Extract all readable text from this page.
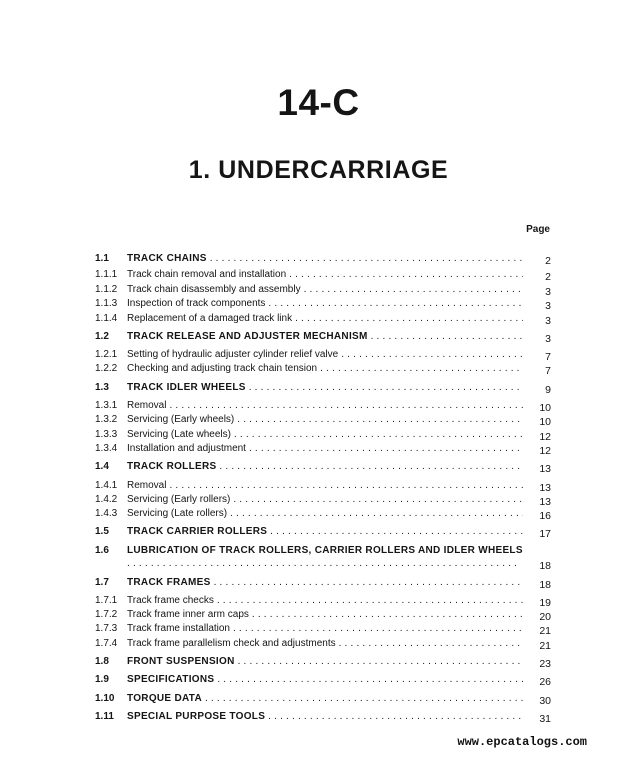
14-C
1. UNDERCARRIAGE
Page
1.1 TRACK CHAINS . . .	2
1.1.1 Track chain removal and installation . . .	2
1.1.2 Track chain disassembly and assembly . . .	3
1.1.3 Inspection of track components . . .	3
1.1.4 Replacement of a damaged track link . . .	3
1.2 TRACK RELEASE AND ADJUSTER MECHANISM . . .	3
1.2.1 Setting of hydraulic adjuster cylinder relief valve . . .	7
1.2.2 Checking and adjusting track chain tension . . .	7
1.3 TRACK IDLER WHEELS . . .	9
1.3.1 Removal . . .	10
1.3.2 Servicing (Early wheels) . . .	10
1.3.3 Servicing (Late wheels) . . .	12
1.3.4 Installation and adjustment . . .	12
1.4 TRACK ROLLERS . . .	13
1.4.1 Removal . . .	13
1.4.2 Servicing (Early rollers) . . .	13
1.4.3 Servicing (Late rollers) . . .	16
1.5 TRACK CARRIER ROLLERS . . .	17
1.6 LUBRICATION OF TRACK ROLLERS, CARRIER ROLLERS AND IDLER WHEELS . . .
18
1.7 TRACK FRAMES . . .	18
1.7.1 Track frame checks . . .	19
1.7.2 Track frame inner arm caps . . .	20
1.7.3 Track frame installation . . .	21
1.7.4 Track frame parallelism check and adjustments . . .	21
1.8 FRONT SUSPENSION . . .	23
1.9 SPECIFICATIONS . . .	26
1.10 TORQUE DATA . . .	30
1.11 SPECIAL PURPOSE TOOLS . . .	31
www.epcatalogs.com
